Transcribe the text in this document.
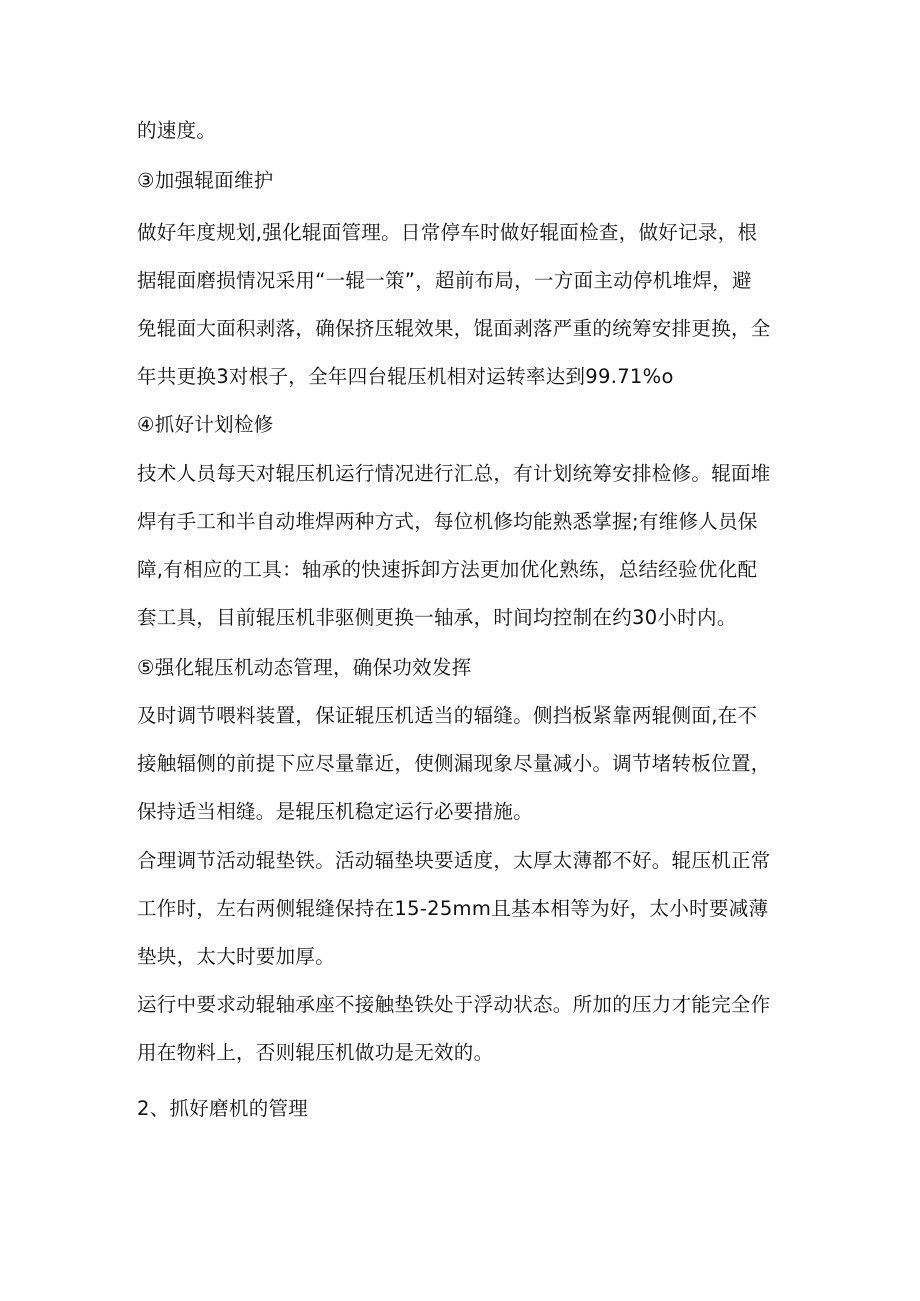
的速度。

③加强辊面维护

做好年度规划,强化辊面管理。日常停车时做好辊面检查，做好记录，根

据辊面磨损情况采用“一辊一策”，超前布局，一方面主动停机堆焊，避

免辊面大面积剥落，确保挤压辊效果，馄面剥落严重的统筹安排更换，全

年共更换3对根子，全年四台辊压机相对运转率达到99.71%o

④抓好计划检修

技术人员每天对辊压机运行情况进行汇总，有计划统筹安排检修。辊面堆

焊有手工和半自动堆焊两种方式，每位机修均能熟悉掌握;有维修人员保

障,有相应的工具：轴承的快速拆卸方法更加优化熟练，总结经验优化配

套工具，目前辊压机非驱侧更换一轴承，时间均控制在约30小时内。

⑤强化辊压机动态管理，确保功效发挥

及时调节喂料装置，保证辊压机适当的辐缝。侧挡板紧靠两辊侧面,在不

接触辐侧的前提下应尽量靠近，使侧漏现象尽量减小。调节堵转板位置，

保持适当相缝。是辊压机稳定运行必要措施。

合理调节活动辊垫铁。活动辐垫块要适度，太厚太薄都不好。辊压机正常

工作时，左右两侧辊缝保持在15-25mm且基本相等为好，太小时要减薄

垫块，太大时要加厚。

运行中要求动辊轴承座不接触垫铁处于浮动状态。所加的压力才能完全作

用在物料上，否则辊压机做功是无效的。

2、抓好磨机的管理
